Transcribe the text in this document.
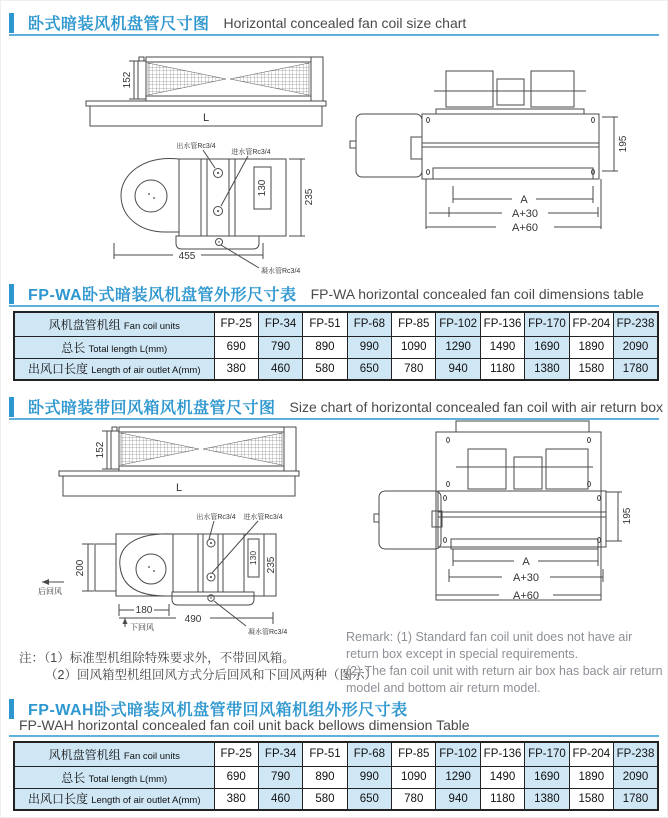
卧式暗装风机盘管尺寸图 Horizontal concealed fan coil size chart
152
L
195
A
A+30
A+60
出水管Rc3/4
进水管Rc3/4
凝水管Rc3/4
455
130
235
FP-WA卧式暗装风机盘管外形尺寸表 FP-WA horizontal concealed fan coil dimensions table
风机盘管机组 Fan coil units	FP-25	FP-34	FP-51	FP-68	FP-85	FP-102	FP-136	FP-170	FP-204	FP-238
总长 Total length L(mm)	690	790	890	990	1090	1290	1490	1690	1890	2090
出风口长度 Length of air outlet A(mm)	380	460	580	650	780	940	1180	1380	1580	1780
卧式暗装带回风箱风机盘管尺寸图 Size chart of horizontal concealed fan coil with air return box
152
L
195
A
A+30
A+60
后回风
下回风
出水管Rc3/4 进水管Rc3/4
凝水管Rc3/4
200
180
490
130 235
注：（1）标准型机组除特殊要求外，不带回风箱。
（2）回风箱型机组回风方式分后回风和下回风两种（图示）

Remark: (1) Standard fan coil unit does not have air return box except in special requirements.

(2) The fan coil unit with return air box has back air return model and bottom air return model.

FP-WAH卧式暗装风机盘管带回风箱机组外形尺寸表
FP-WAH horizontal concealed fan coil unit back bellows dimension Table
风机盘管机组 Fan coil units	FP-25	FP-34	FP-51	FP-68	FP-85	FP-102	FP-136	FP-170	FP-204	FP-238
总长 Total length L(mm)	690	790	890	990	1090	1290	1490	1690	1890	2090
出风口长度 Length of air outlet A(mm)	380	460	580	650	780	940	1180	1380	1580	1780
